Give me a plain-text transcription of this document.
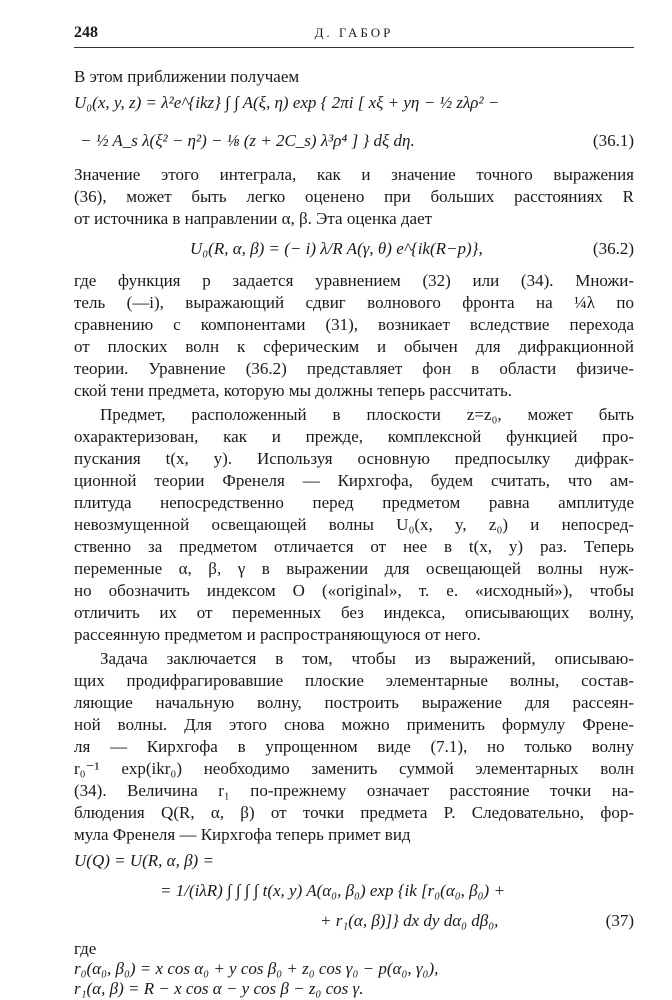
248	Д. ГАБОР
В этом приближении получаем
U₀(x, y, z) = λ²e^{ikz} ∫ ∫ A(ξ, η) exp { 2πi [ xξ + yη − ½ zλρ² −
− ½ A_s λ(ξ² − η²) − ⅛ (z + 2C_s) λ³ρ⁴ ] } dξ dη.	(36.1)
Значение этого интеграла, как и значение точного выражения
(36), может быть легко оценено при больших расстояниях R
от источника в направлении α, β. Эта оценка дает
U₀(R, α, β) = (− i) λ/R A(γ, θ) e^{ik(R−p)},	(36.2)
где функция p задается уравнением (32) или (34). Множи-
тель (—i), выражающий сдвиг волнового фронта на ¼λ по
сравнению с компонентами (31), возникает вследствие перехода
от плоских волн к сферическим и обычен для дифракционной
теории. Уравнение (36.2) представляет фон в области физиче-
ской тени предмета, которую мы должны теперь рассчитать.
Предмет, расположенный в плоскости z=z₀, может быть
охарактеризован, как и прежде, комплексной функцией про-
пускания t(x, y). Используя основную предпосылку дифрак-
ционной теории Френеля — Кирхгофа, будем считать, что ам-
плитуда непосредственно перед предметом равна амплитуде
невозмущенной освещающей волны U₀(x, y, z₀) и непосред-
ственно за предметом отличается от нее в t(x, y) раз. Теперь
переменные α, β, γ в выражении для освещающей волны нуж-
но обозначить индексом O («original», т. е. «исходный»), чтобы
отличить их от переменных без индекса, описывающих волну,
рассеянную предметом и распространяющуюся от него.
Задача заключается в том, чтобы из выражений, описываю-
щих продифрагировавшие плоские элементарные волны, состав-
ляющие начальную волну, построить выражение для рассеян-
ной волны. Для этого снова можно применить формулу Френе-
ля — Кирхгофа в упрощенном виде (7.1), но только волну
r₀⁻¹ exp(ikr₀) необходимо заменить суммой элементарных волн
(34). Величина r₁ по-прежнему означает расстояние точки на-
блюдения Q(R, α, β) от точки предмета P. Следовательно, фор-
мула Френеля — Кирхгофа теперь примет вид
U(Q) = U(R, α, β) =
= 1/(iλR) ∫ ∫ ∫ ∫ t(x, y) A(α₀, β₀) exp {ik [r₀(α₀, β₀) +
+ r₁(α, β)]} dx dy dα₀ dβ₀,	(37)
где
r₀(α₀, β₀) = x cos α₀ + y cos β₀ + z₀ cos γ₀ − p(α₀, γ₀),
r₁(α, β) = R − x cos α − y cos β − z₀ cos γ.
